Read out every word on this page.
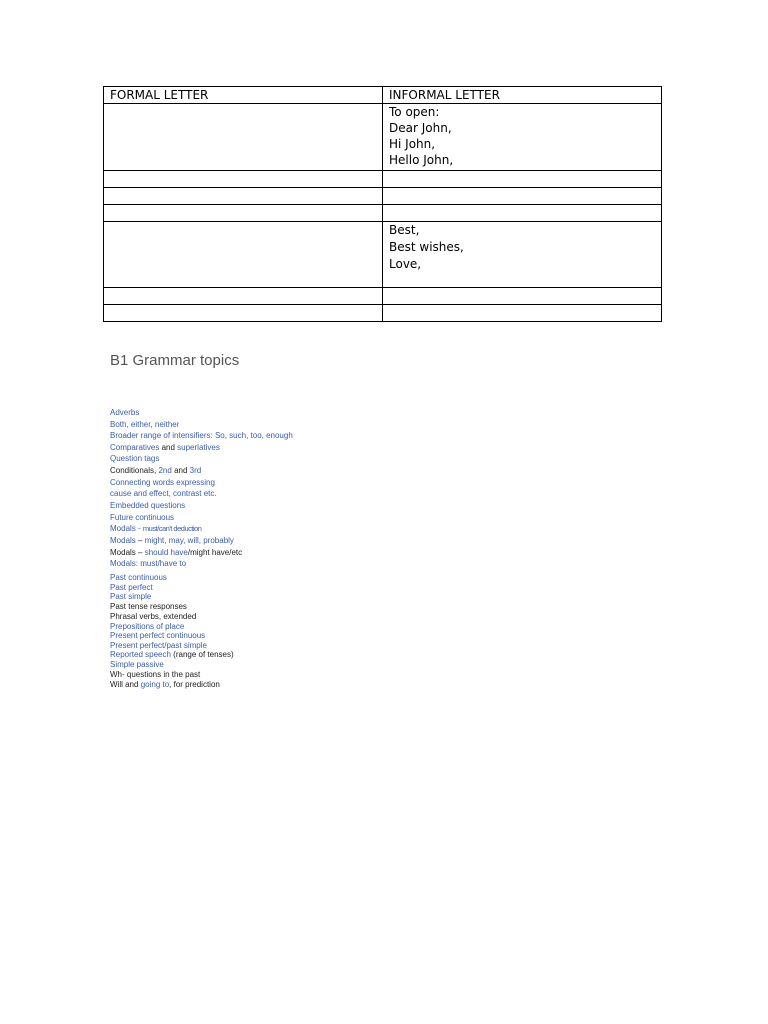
FORMAL LETTER	INFORMAL LETTER

	To open:
Dear John,
Hi John,
Hello John,

	Best,
Best wishes,
Love,

B1 Grammar topics
Adverbs
Both, either, neither
Broader range of intensifiers: So, such, too, enough
Comparatives and superlatives
Question tags
Conditionals, 2nd and 3rd
Connecting words expressing
cause and effect, contrast etc.
Embedded questions
Future continuous
Modals - must/can't deduction
Modals – might, may, will, probably
Modals – should have/might have/etc
Modals: must/have to
Past continuous
Past perfect
Past simple
Past tense responses
Phrasal verbs, extended
Prepositions of place
Present perfect continuous
Present perfect/past simple
Reported speech (range of tenses)
Simple passive
Wh- questions in the past
Will and going to, for prediction
